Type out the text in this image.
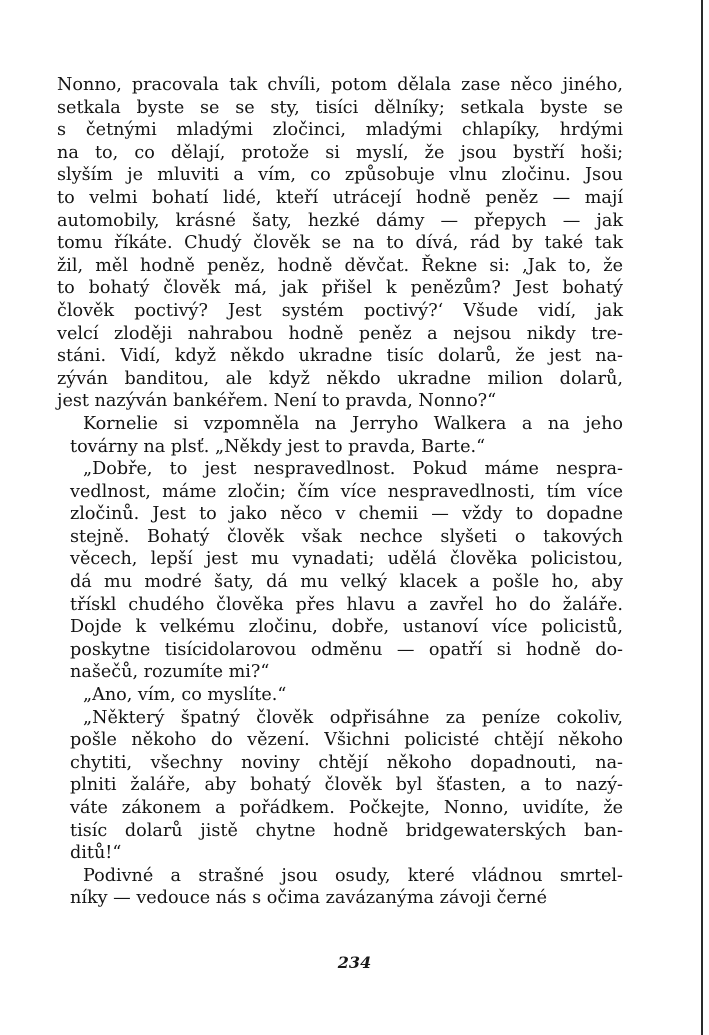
Nonno, pracovala tak chvíli, potom dělala zase něco jiného,
setkala byste se se sty, tisíci dělníky; setkala byste se
s četnými mladými zločinci, mladými chlapíky, hrdými
na to, co dělají, protože si myslí, že jsou bystří hoši;
slyším je mluviti a vím, co způsobuje vlnu zločinu. Jsou
to velmi bohatí lidé, kteří utrácejí hodně peněz — mají
automobily, krásné šaty, hezké dámy — přepych — jak
tomu říkáte. Chudý člověk se na to dívá, rád by také tak
žil, měl hodně peněz, hodně děvčat. Řekne si: ‚Jak to, že
to bohatý člověk má, jak přišel k penězům? Jest bohatý
člověk poctivý? Jest systém poctivý?‘ Všude vidí, jak
velcí zloději nahrabou hodně peněz a nejsou nikdy tre-
stáni. Vidí, když někdo ukradne tisíc dolarů, že jest na-
zýván banditou, ale když někdo ukradne milion dolarů,
jest nazýván bankéřem. Není to pravda, Nonno?“

Kornelie si vzpomněla na Jerryho Walkera a na jeho
továrny na plsť. „Někdy jest to pravda, Barte.“

„Dobře, to jest nespravedlnost. Pokud máme nesprа-
vedlnost, máme zločin; čím více nespravedlnosti, tím více
zločinů. Jest to jako něco v chemii — vždy to dopadne
stejně. Bohatý člověk však nechce slyšeti o takových
věcech, lepší jest mu vynadati; udělá člověka policistou,
dá mu modré šaty, dá mu velký klacek a pošle ho, aby
třískl chudého člověka přes hlavu a zavřel ho do žaláře.
Dojde k velkému zločinu, dobře, ustanoví více policistů,
poskytne tisícidolarovou odměnu — opatří si hodně do-
našečů, rozumíte mi?“

„Ano, vím, co myslíte.“

„Některý špatný člověk odpřisáhne za peníze cokoliv,
pošle někoho do vězení. Všichni policisté chtějí někoho
chytiti, všechny noviny chtějí někoho dopadnouti, na-
plniti žaláře, aby bohatý člověk byl šťasten, a to nazý-
váte zákonem a pořádkem. Počkejte, Nonno, uvidíte, že
tisíc dolarů jistě chytne hodně bridgewaterských ban-
ditů!“

Podivné a strašné jsou osudy, které vládnou smrtel-
níky — vedouce nás s očima zavázanýma závoji černé

234
